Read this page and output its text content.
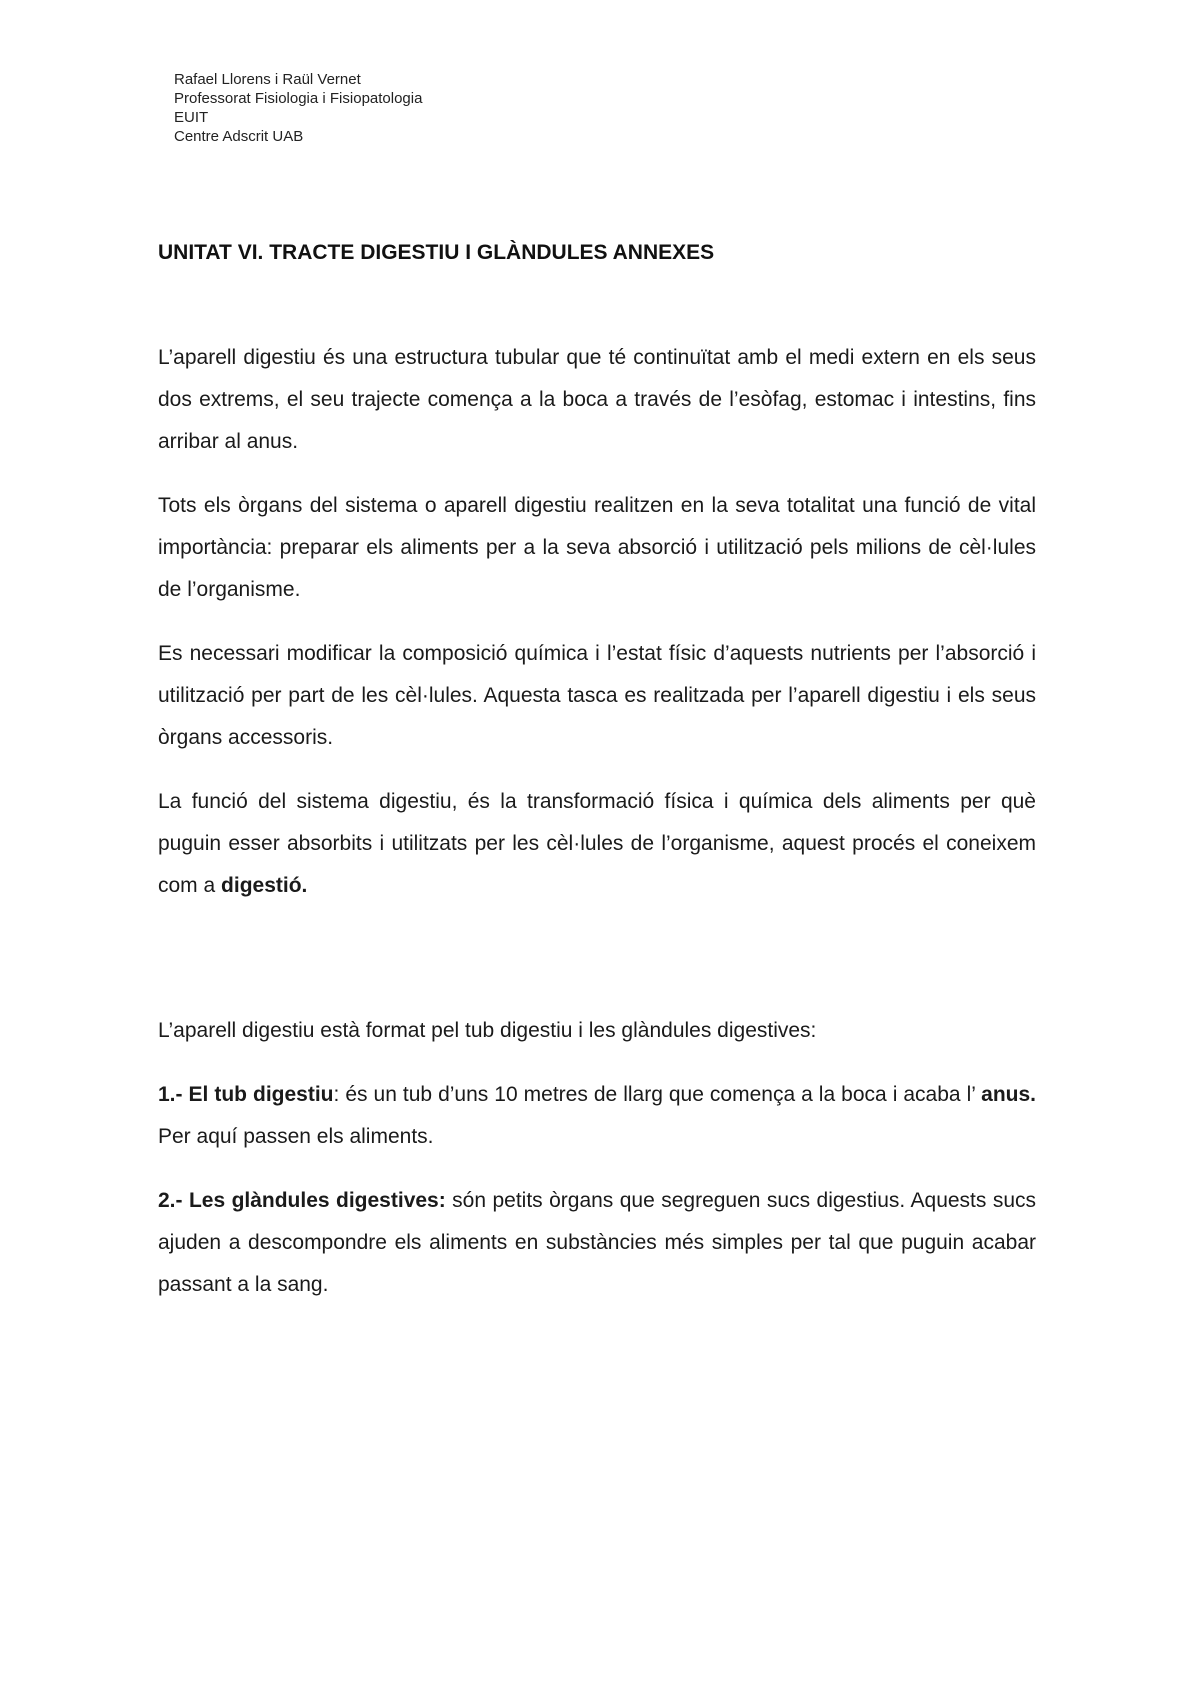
Rafael Llorens i Raül Vernet
Professorat Fisiologia i Fisiopatologia
EUIT
Centre Adscrit UAB
UNITAT VI. TRACTE DIGESTIU I GLÀNDULES ANNEXES

L’aparell digestiu és una estructura tubular que té continuïtat amb el medi extern en els seus dos extrems, el seu trajecte comença a la boca a través de l’esòfag, estomac i intestins, fins arribar al anus.

Tots els òrgans del sistema o aparell digestiu realitzen en la seva totalitat una funció de vital importància: preparar els aliments per a la seva absorció i utilització pels milions de cèl·lules de l’organisme.

Es necessari modificar la composició química i l’estat físic d’aquests nutrients per l’absorció i utilització per part de les cèl·lules. Aquesta tasca es realitzada per l’aparell digestiu i els seus òrgans accessoris.

La funció del sistema digestiu, és la transformació física i química dels aliments per què puguin esser absorbits i utilitzats per les cèl·lules de l’organisme, aquest procés el coneixem com a digestió.

L’aparell digestiu està format pel tub digestiu i les glàndules digestives:

1.- El tub digestiu: és un tub d’uns 10 metres de llarg que comença a la boca i acaba l’ anus. Per aquí passen els aliments.

2.- Les glàndules digestives: són petits òrgans que segreguen sucs digestius. Aquests sucs ajuden a descompondre els aliments en substàncies més simples per tal que puguin acabar passant a la sang.
